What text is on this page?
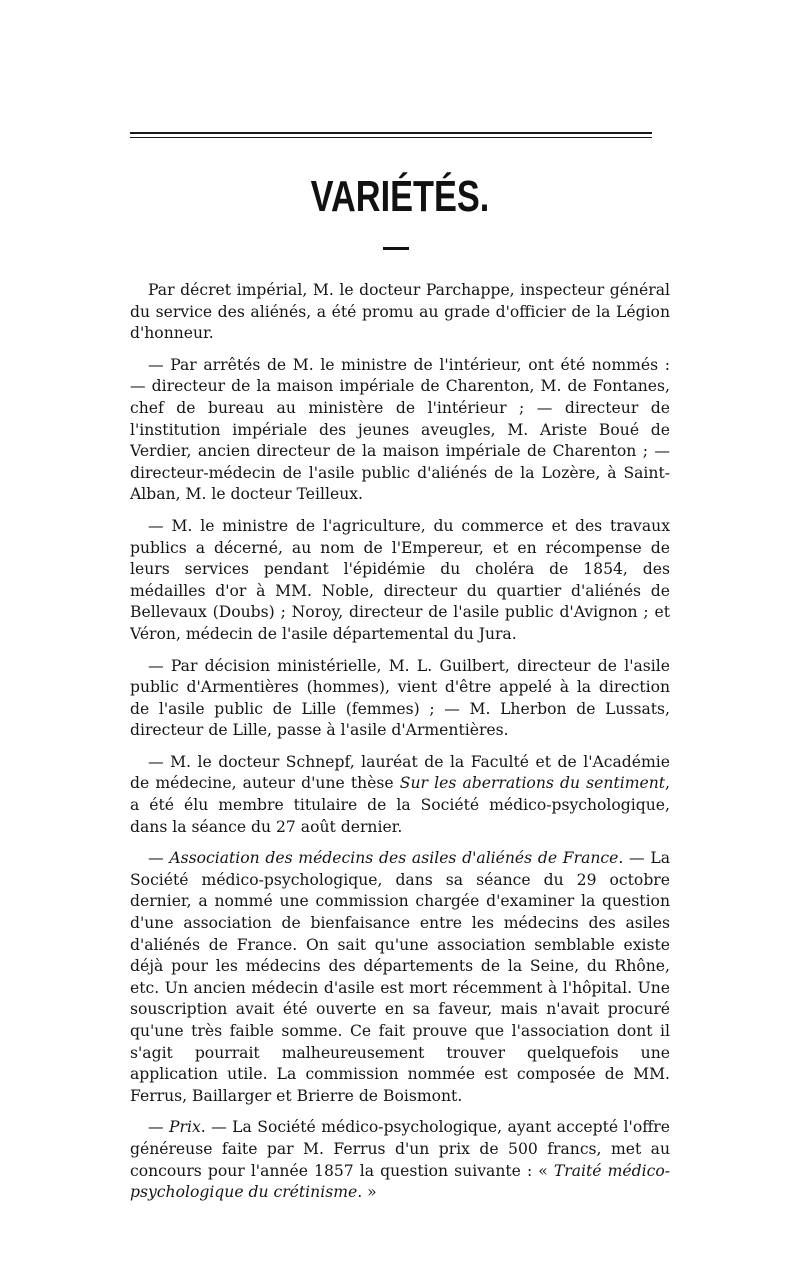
VARIÉTÉS.

Par décret impérial, M. le docteur Parchappe, inspecteur général du service des aliénés, a été promu au grade d'officier de la Légion d'honneur.

— Par arrêtés de M. le ministre de l'intérieur, ont été nommés : — directeur de la maison impériale de Charenton, M. de Fontanes, chef de bureau au ministère de l'intérieur ; — directeur de l'institution impériale des jeunes aveugles, M. Ariste Boué de Verdier, ancien directeur de la maison impériale de Charenton ; — directeur-médecin de l'asile public d'aliénés de la Lozère, à Saint-Alban, M. le docteur Teilleux.

— M. le ministre de l'agriculture, du commerce et des travaux publics a décerné, au nom de l'Empereur, et en récompense de leurs services pendant l'épidémie du choléra de 1854, des médailles d'or à MM. Noble, directeur du quartier d'aliénés de Bellevaux (Doubs) ; Noroy, directeur de l'asile public d'Avignon ; et Véron, médecin de l'asile départemental du Jura.

— Par décision ministérielle, M. L. Guilbert, directeur de l'asile public d'Armentières (hommes), vient d'être appelé à la direction de l'asile public de Lille (femmes) ; — M. Lherbon de Lussats, directeur de Lille, passe à l'asile d'Armentières.

— M. le docteur Schnepf, lauréat de la Faculté et de l'Académie de médecine, auteur d'une thèse Sur les aberrations du sentiment, a été élu membre titulaire de la Société médico-psychologique, dans la séance du 27 août dernier.

— Association des médecins des asiles d'aliénés de France. — La Société médico-psychologique, dans sa séance du 29 octobre dernier, a nommé une commission chargée d'examiner la question d'une association de bienfaisance entre les médecins des asiles d'aliénés de France. On sait qu'une association semblable existe déjà pour les médecins des départements de la Seine, du Rhône, etc. Un ancien médecin d'asile est mort récemment à l'hôpital. Une souscription avait été ouverte en sa faveur, mais n'avait procuré qu'une très faible somme. Ce fait prouve que l'association dont il s'agit pourrait malheureusement trouver quelquefois une application utile. La commission nommée est composée de MM. Ferrus, Baillarger et Brierre de Boismont.

— Prix. — La Société médico-psychologique, ayant accepté l'offre généreuse faite par M. Ferrus d'un prix de 500 francs, met au concours pour l'année 1857 la question suivante : « Traité médico-psychologique du crétinisme. »
